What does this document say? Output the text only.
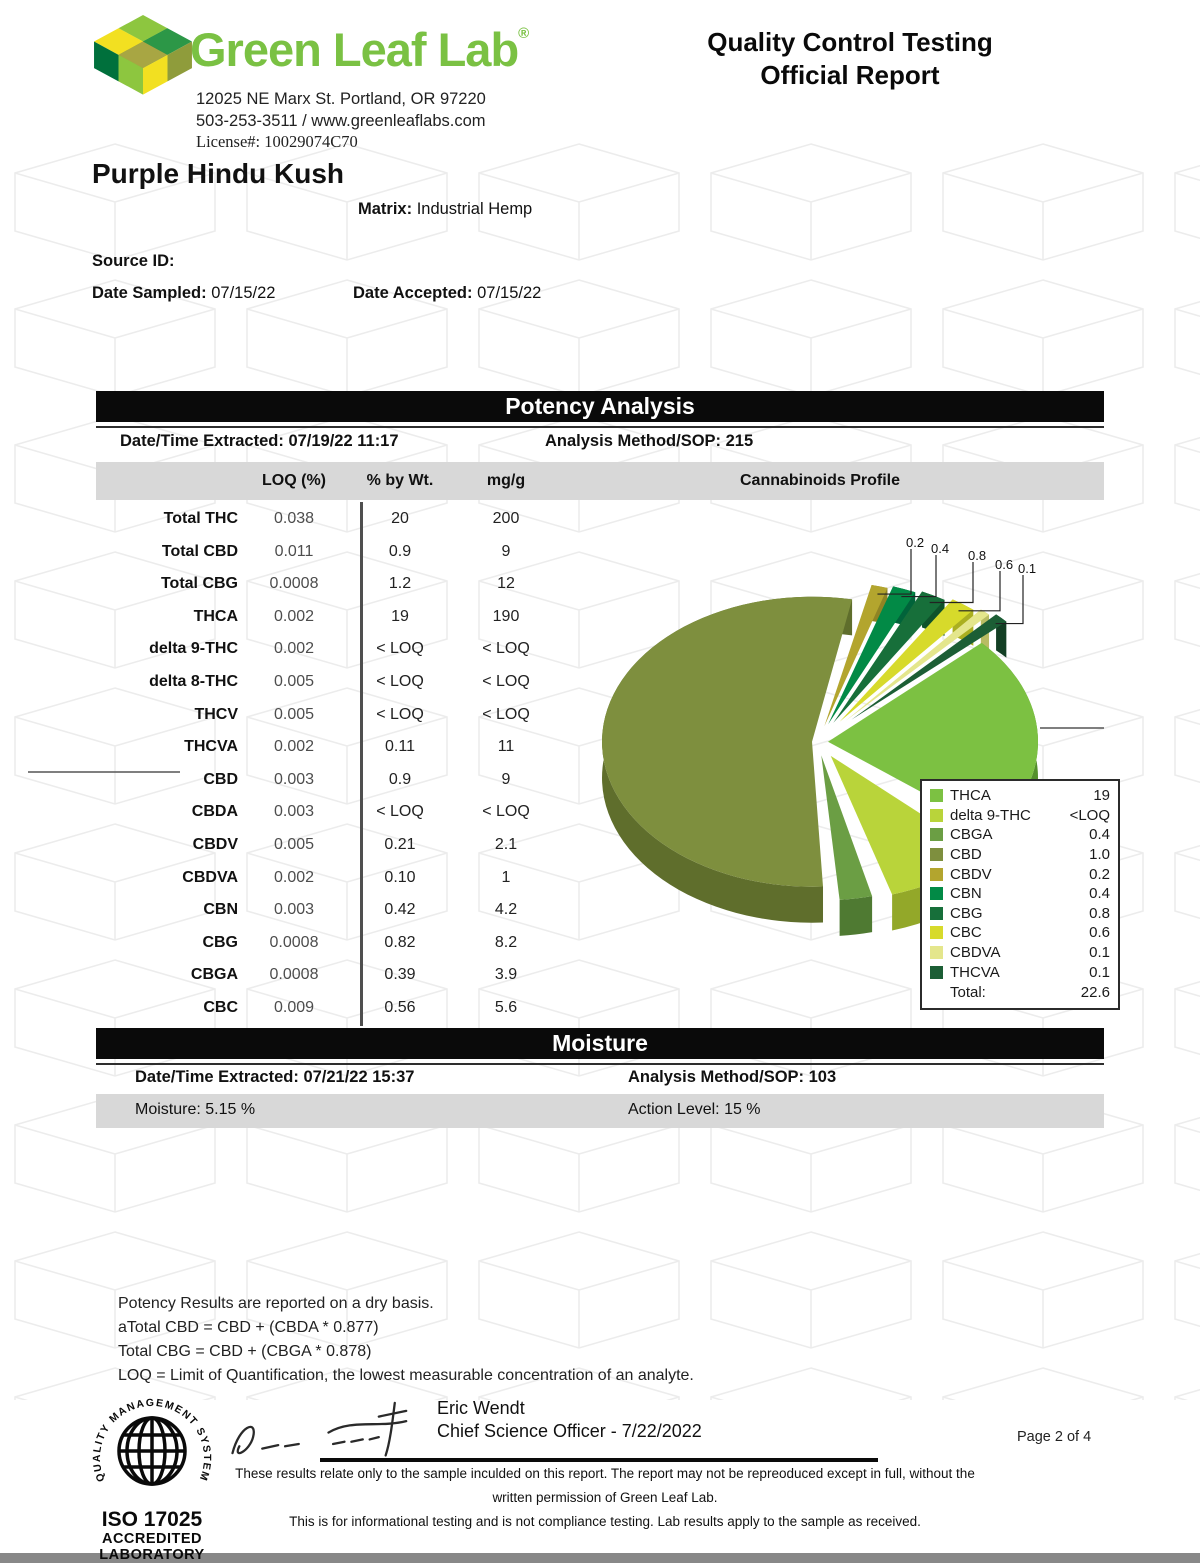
Green Leaf Lab®
12025 NE Marx St. Portland, OR 97220
503-253-3511 / www.greenleaflabs.com
License#: 10029074C70
Quality Control Testing
Official Report
Purple Hindu Kush
Matrix: Industrial Hemp
Source ID:
Date Sampled: 07/15/22	Date Accepted: 07/15/22
Potency Analysis
Date/Time Extracted: 07/19/22 11:17	Analysis Method/SOP: 215
LOQ (%)	% by Wt.	mg/g	Cannabinoids Profile
Total THC	0.038	20	200
Total CBD	0.011	0.9	9
Total CBG	0.0008	1.2	12
THCA	0.002	19	190
delta 9-THC	0.002	< LOQ	< LOQ
delta 8-THC	0.005	< LOQ	< LOQ
THCV	0.005	< LOQ	< LOQ
THCVA	0.002	0.11	11
CBD	0.003	0.9	9
CBDA	0.003	< LOQ	< LOQ
CBDV	0.005	0.21	2.1
CBDVA	0.002	0.10	1
CBN	0.003	0.42	4.2
CBG	0.0008	0.82	8.2
CBGA	0.0008	0.39	3.9
CBC	0.009	0.56	5.6
0.2 0.4 0.8
0.6 0.1
THCA	19
delta 9-THC	<LOQ
CBGA	0.4
CBD	1.0
CBDV	0.2
CBN	0.4
CBG	0.8
CBC	0.6
CBDVA	0.1
THCVA	0.1
Total:	22.6
Moisture
Date/Time Extracted: 07/21/22 15:37	Analysis Method/SOP: 103
Moisture: 5.15 %	Action Level: 15 %
Potency Results are reported on a dry basis.
aTotal CBD = CBD + (CBDA * 0.877)
Total CBG = CBD + (CBGA * 0.878)
LOQ = Limit of Quantification, the lowest measurable concentration of an analyte.
QUALITY MANAGEMENT SYSTEM
ISO 17025
ACCREDITED
LABORATORY
Eric Wendt
Chief Science Officer - 7/22/2022
These results relate only to the sample inculded on this report. The report may not be repreoduced except in full, without the
written permission of Green Leaf Lab.
This is for informational testing and is not compliance testing. Lab results apply to the sample as received.
Page 2 of 4
